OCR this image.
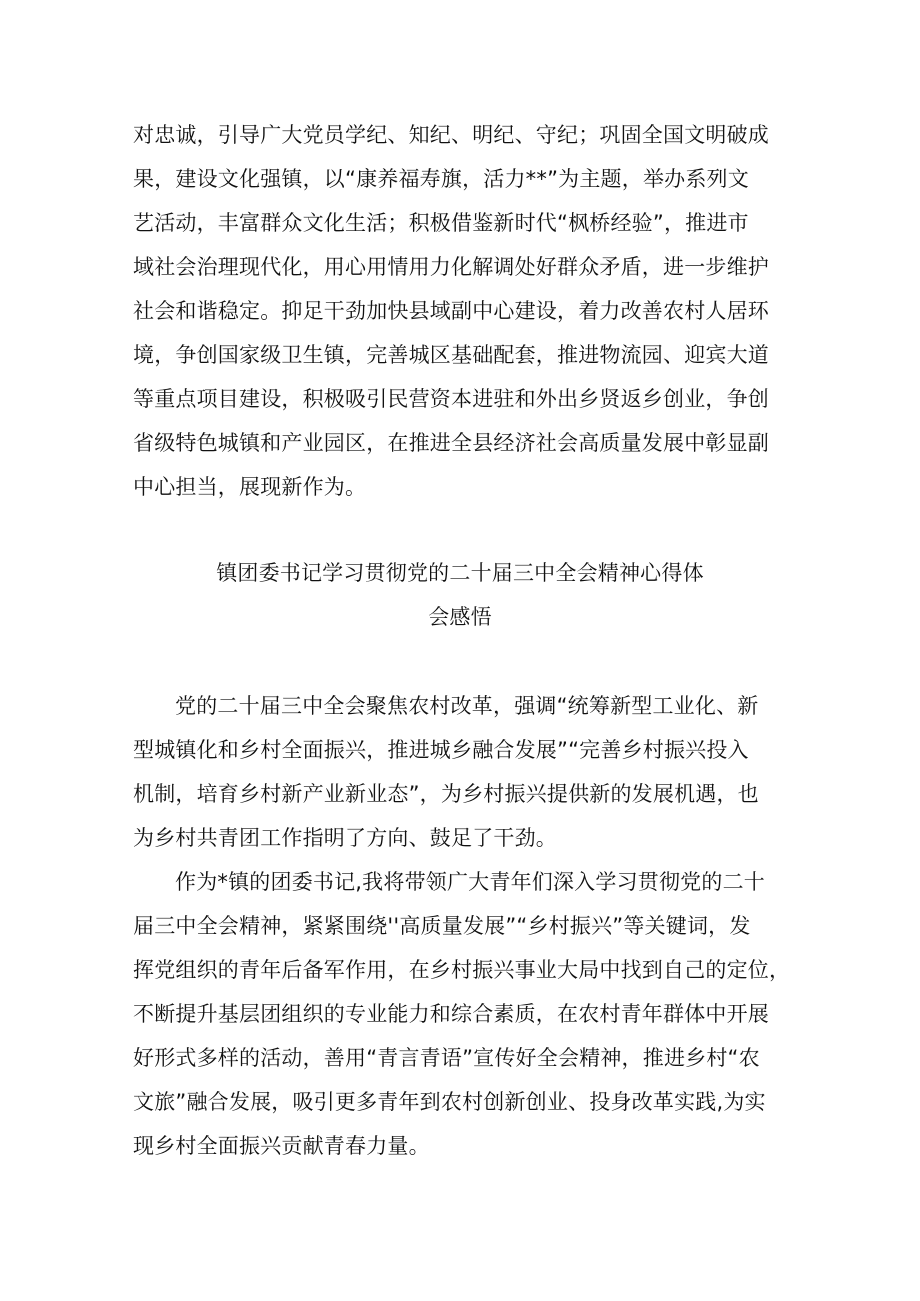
对忠诚，引导广大党员学纪、知纪、明纪、守纪；巩固全国文明破成
果，建设文化强镇，以“康养福寿旗，活力**”为主题，举办系列文
艺活动，丰富群众文化生活；积极借鉴新时代“枫桥经验”，推进市
域社会治理现代化，用心用情用力化解调处好群众矛盾，进一步维护
社会和谐稳定。抑足干劲加快县域副中心建设，着力改善农村人居环
境，争创国家级卫生镇，完善城区基础配套，推进物流园、迎宾大道
等重点项目建设，积极吸引民营资本进驻和外出乡贤返乡创业，争创
省级特色城镇和产业园区，在推进全县经济社会高质量发展中彰显副
中心担当，展现新作为。
镇团委书记学习贯彻党的二十届三中全会精神心得体
会感悟
党的二十届三中全会聚焦农村改革，强调“统筹新型工业化、新
型城镇化和乡村全面振兴，推进城乡融合发展”“完善乡村振兴投入
机制，培育乡村新产业新业态”，为乡村振兴提供新的发展机遇，也
为乡村共青团工作指明了方向、鼓足了干劲。
作为*镇的团委书记,我将带领广大青年们深入学习贯彻党的二十
届三中全会精神，紧紧围绕''高质量发展”“乡村振兴”等关键词，发
挥党组织的青年后备军作用，在乡村振兴事业大局中找到自己的定位，
不断提升基层团组织的专业能力和综合素质，在农村青年群体中开展
好形式多样的活动，善用“青言青语”宣传好全会精神，推进乡村“农
文旅”融合发展，吸引更多青年到农村创新创业、投身改革实践,为实
现乡村全面振兴贡献青春力量。
